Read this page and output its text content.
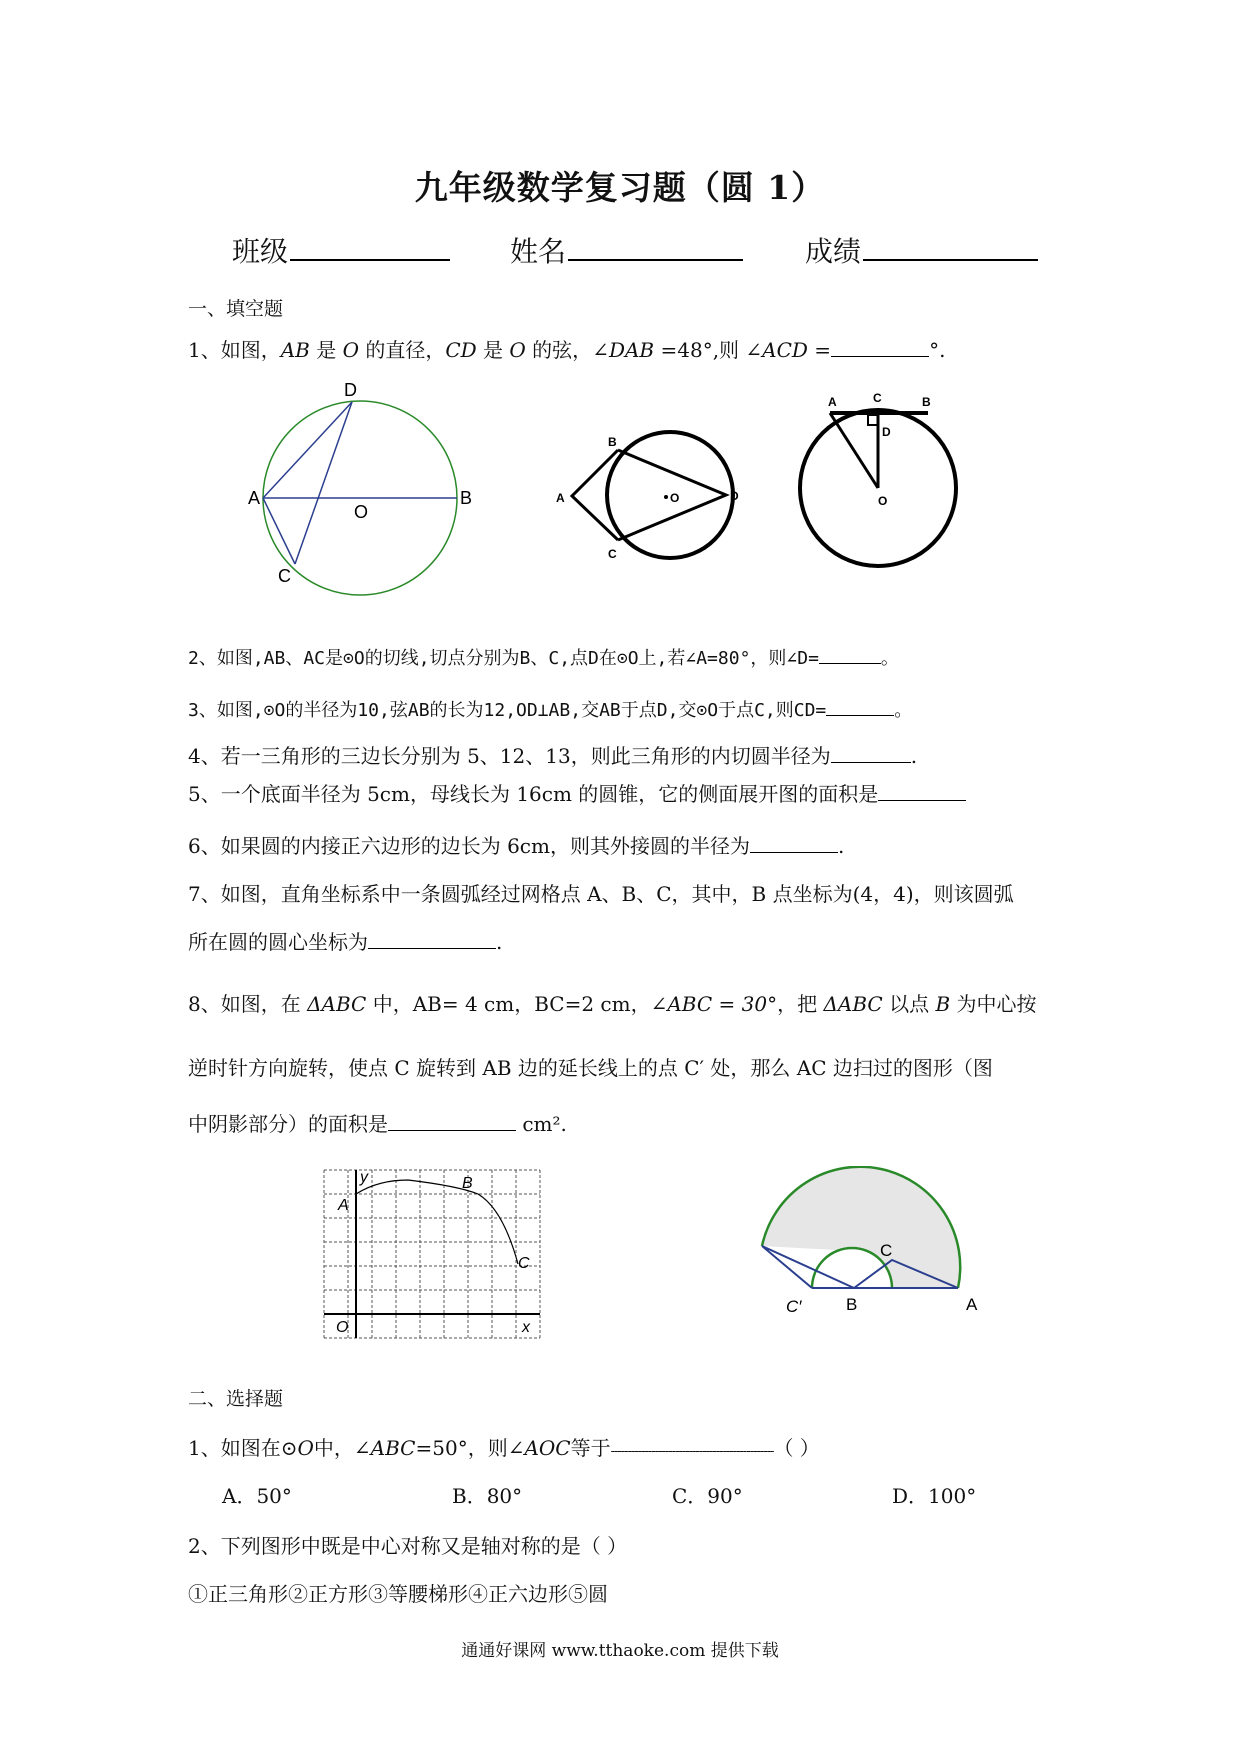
九年级数学复习题（圆 1）
班级	姓名	成绩
一、填空题
1、如图，AB 是 O 的直径，CD 是 O 的弦，∠DAB =48°,则 ∠ACD =	°.
D
A
O
B
C
B
A	O	D
C
A	C	B
D
O
2、如图,AB、AC是⊙O的切线,切点分别为B、C,点D在⊙O上,若∠A=80°，则∠D=	。
3、如图,⊙O的半径为10,弦AB的长为12,OD⊥AB,交AB于点D,交⊙O于点C,则CD=	。
4、若一三角形的三边长分别为 5、12、13，则此三角形的内切圆半径为	.
5、一个底面半径为 5cm，母线长为 16cm 的圆锥，它的侧面展开图的面积是
6、如果圆的内接正六边形的边长为 6cm，则其外接圆的半径为	.
7、如图，直角坐标系中一条圆弧经过网格点 A、B、C，其中，B 点坐标为(4，4)，则该圆弧
所在圆的圆心坐标为	.
8、如图，在 ΔABC 中，AB= 4 cm，BC=2 cm，∠ABC = 30°，把 ΔABC 以点 B 为中心按
逆时针方向旋转，使点 C 旋转到 AB 边的延长线上的点 C′ 处，那么 AC 边扫过的图形（图
中阴影部分）的面积是	cm².
y
A
B
C
O	x
C
C′	B	A
二、选择题
1、如图在⊙O中，∠ABC=50°，则∠AOC等于------------------------------------------------（ ）
A．50°	B．80°	C．90°	D．100°
2、下列图形中既是中心对称又是轴对称的是（ ）
①正三角形②正方形③等腰梯形④正六边形⑤圆
通通好课网 www.tthaoke.com 提供下载
